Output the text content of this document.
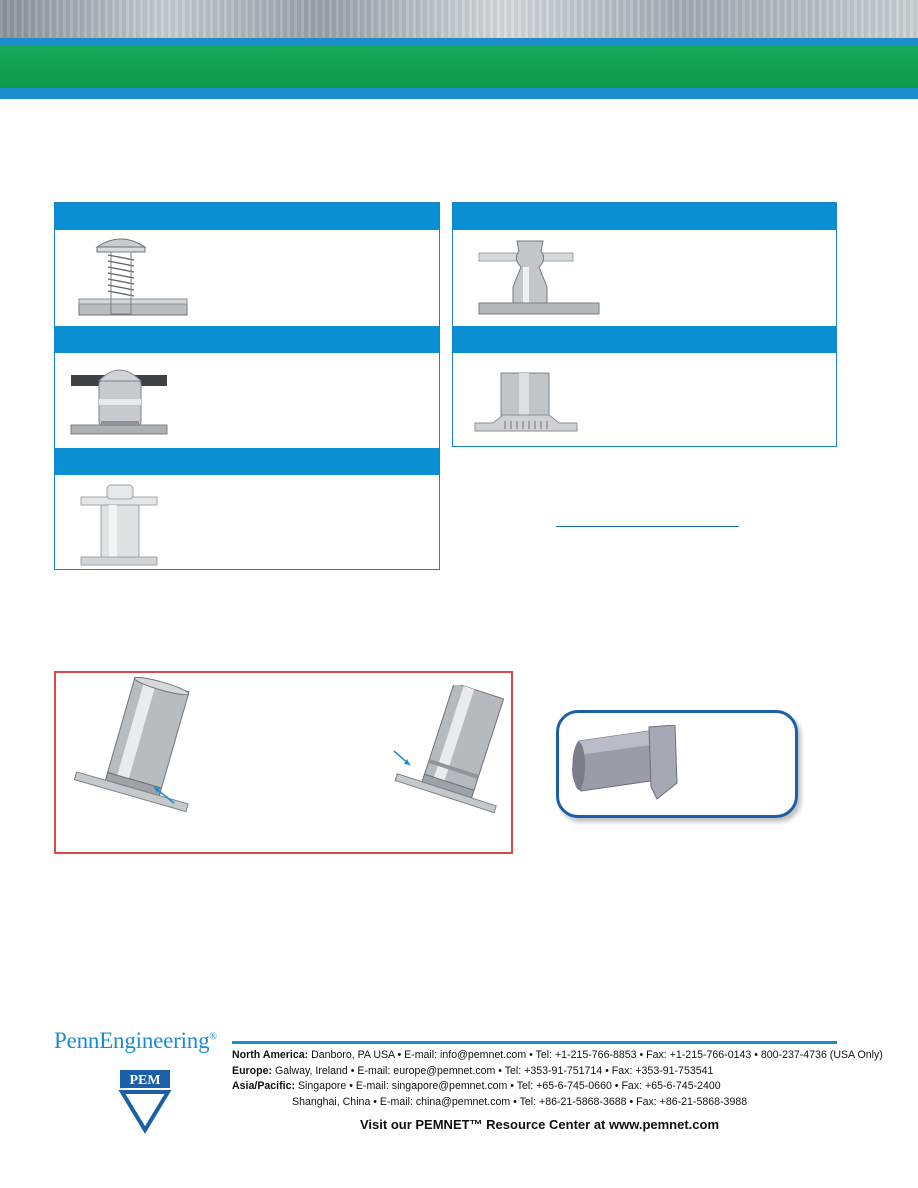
PennEngineering®
North America: Danboro, PA USA • E-mail: info@pemnet.com • Tel: +1-215-766-8853 • Fax: +1-215-766-0143 • 800-237-4736 (USA Only)
Europe: Galway, Ireland • E-mail: europe@pemnet.com • Tel: +353-91-751714 • Fax: +353-91-753541
Asia/Pacific: Singapore • E-mail: singapore@pemnet.com • Tel: +65-6-745-0660 • Fax: +65-6-745-2400
Shanghai, China • E-mail: china@pemnet.com • Tel: +86-21-5868-3688 • Fax: +86-21-5868-3988
PEM
Visit our PEMNET™ Resource Center at www.pemnet.com
